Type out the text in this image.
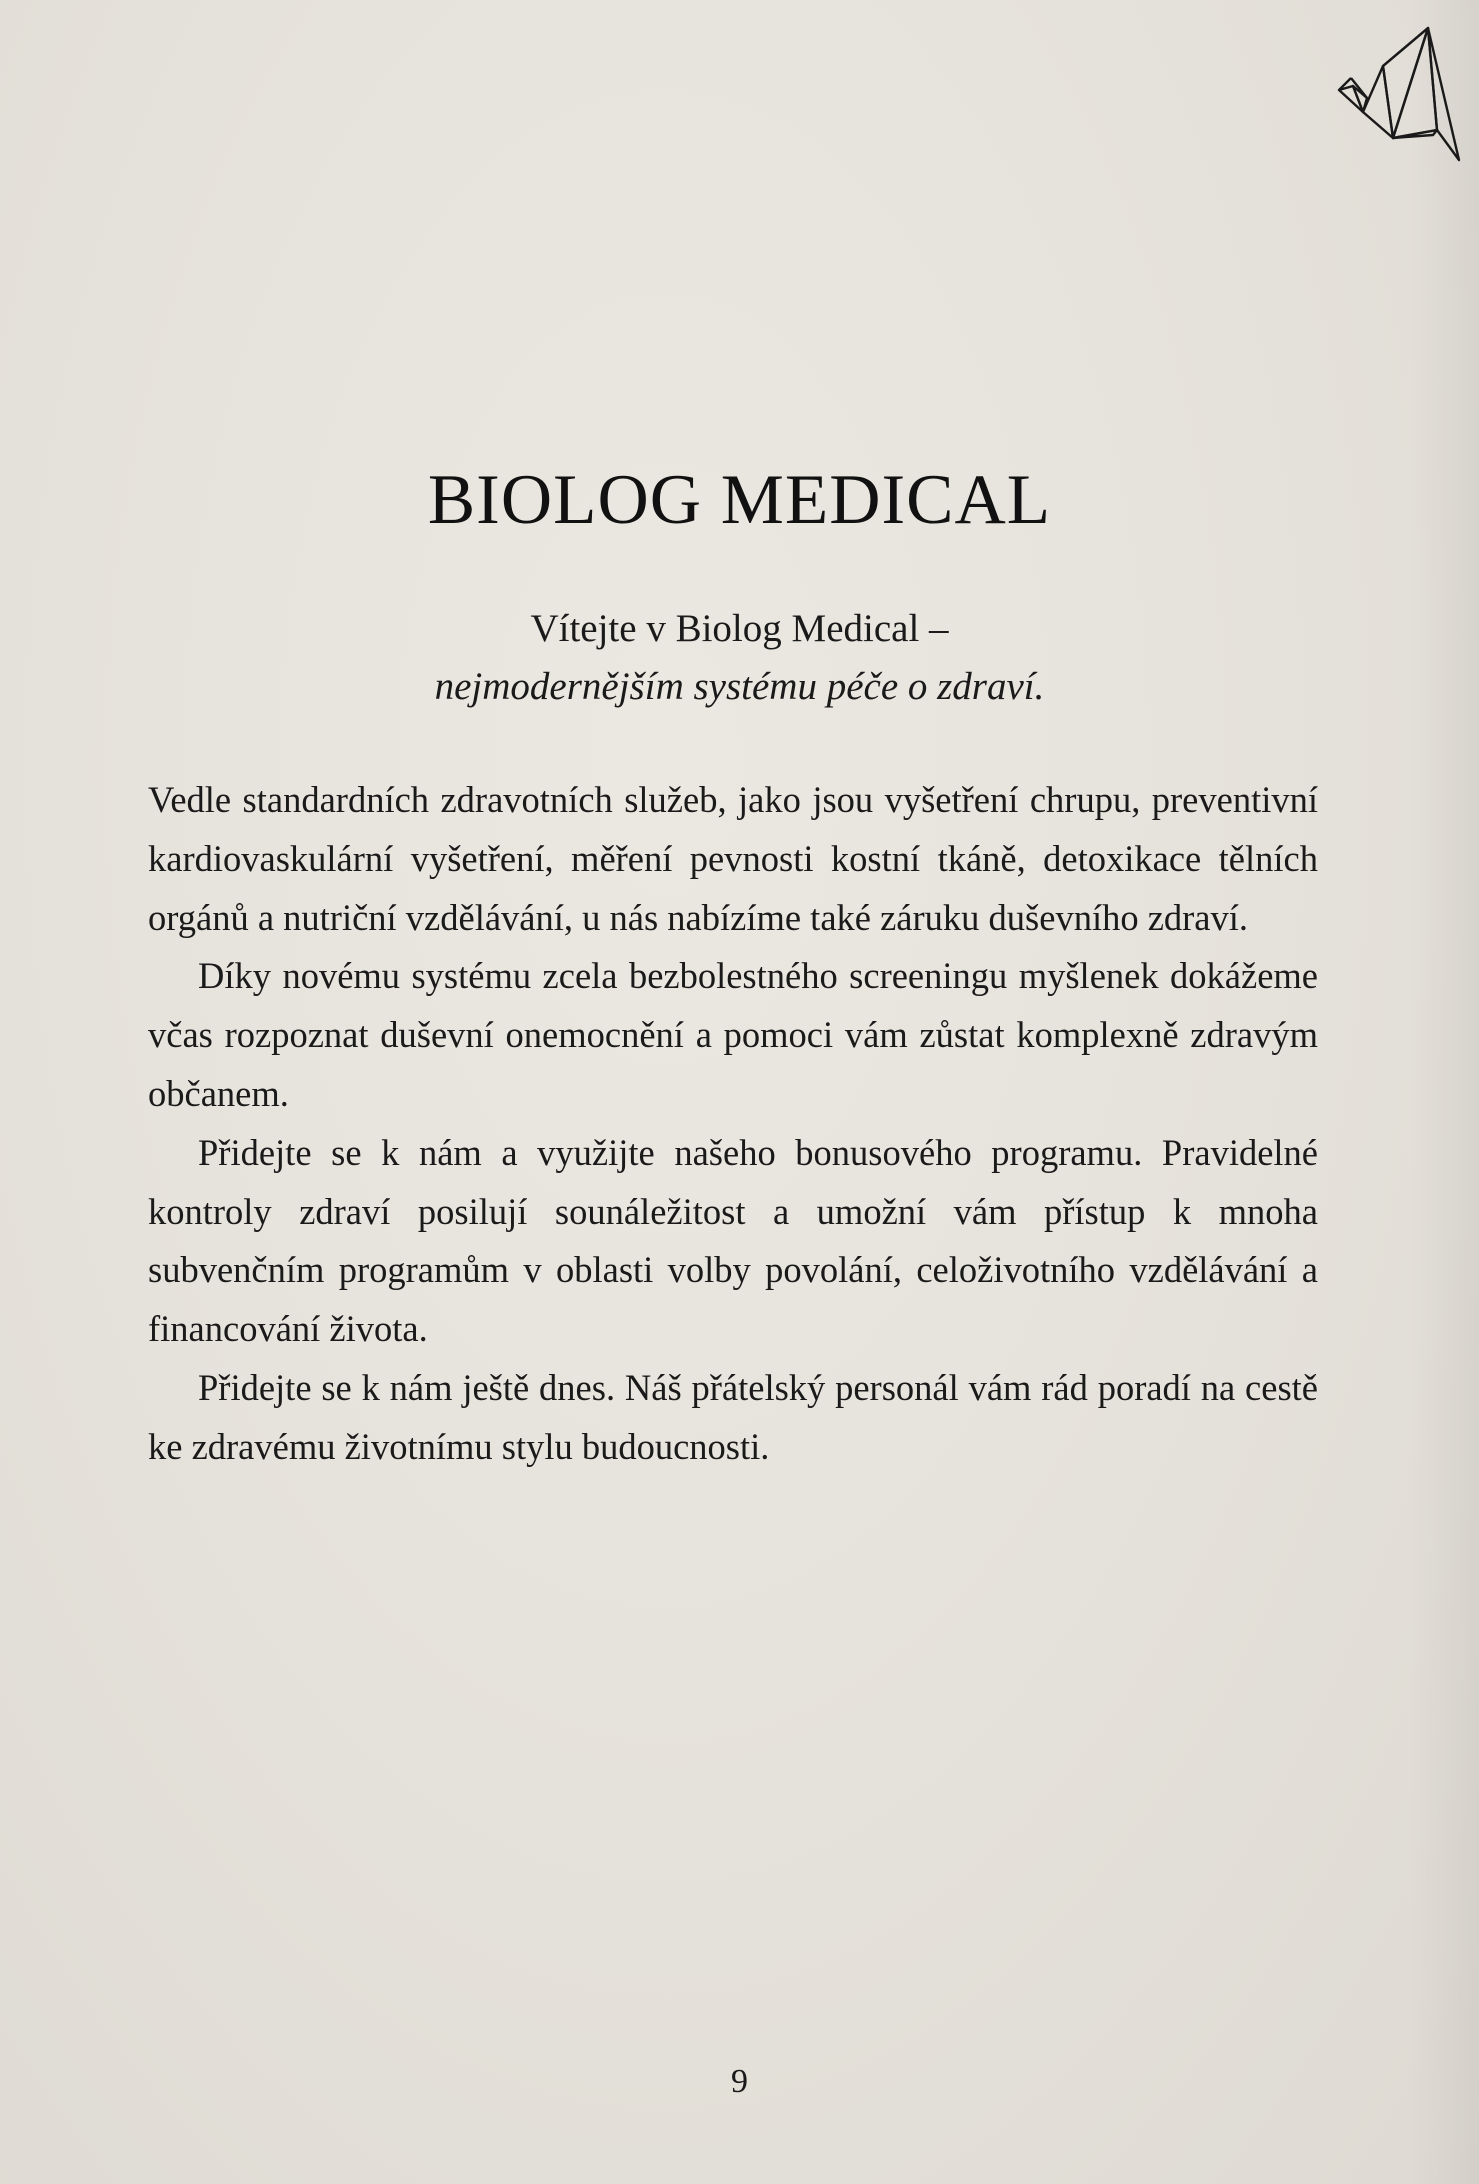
BIOLOG MEDICAL
Vítejte v Biolog Medical –
nejmodernějším systému péče o zdraví.

Vedle standardních zdravotních služeb, jako jsou vyšetření chrupu, preventivní kardiovaskulární vyšetření, měření pevnosti kostní tkáně, detoxikace tělních orgánů a nutriční vzdělávání, u nás nabízíme také záruku duševního zdraví.

Díky novému systému zcela bezbolestného screeningu myšlenek dokážeme včas rozpoznat duševní onemocnění a pomoci vám zůstat komplexně zdravým občanem.

Přidejte se k nám a využijte našeho bonusového programu. Pravidelné kontroly zdraví posilují sounáležitost a umožní vám přístup k mnoha subvenčním programům v oblasti volby povolání, celoživotního vzdělávání a financování života.

Přidejte se k nám ještě dnes. Náš přátelský personál vám rád poradí na cestě ke zdravému životnímu stylu budoucnosti.

9
